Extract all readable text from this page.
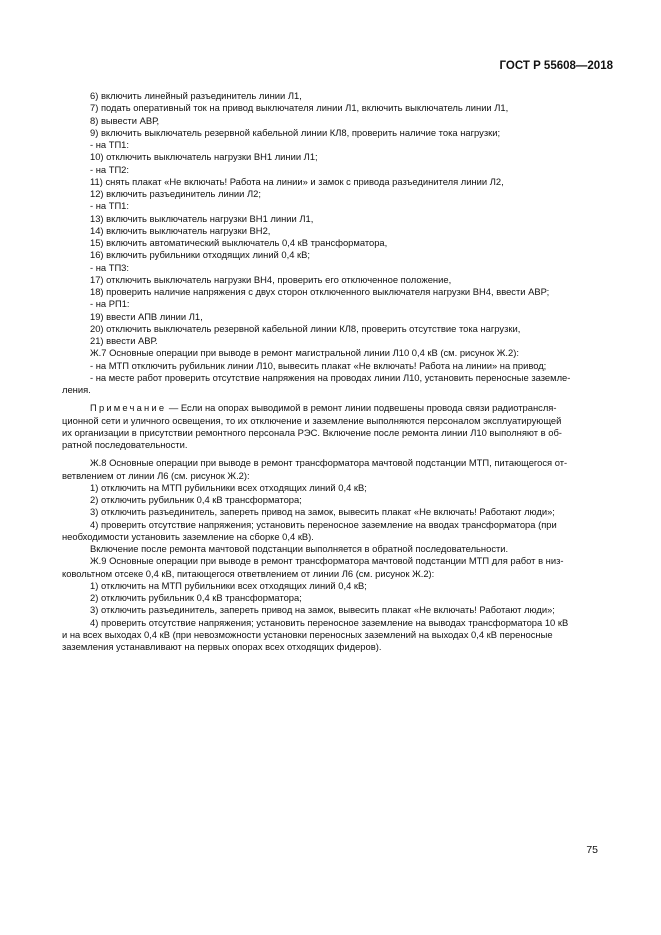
ГОСТ Р 55608—2018
6) включить линейный разъединитель линии Л1,
7) подать оперативный ток на привод выключателя линии Л1, включить выключатель линии Л1,
8) вывести АВР,
9) включить выключатель резервной кабельной линии КЛ8, проверить наличие тока нагрузки;
- на ТП1:
10) отключить выключатель нагрузки ВН1 линии Л1;
- на ТП2:
11) снять плакат «Не включать! Работа на линии» и замок с привода разъединителя линии Л2,
12) включить разъединитель линии Л2;
- на ТП1:
13) включить выключатель нагрузки ВН1 линии Л1,
14) включить выключатель нагрузки ВН2,
15) включить автоматический выключатель 0,4 кВ трансформатора,
16) включить рубильники отходящих линий 0,4 кВ;
- на ТП3:
17) отключить выключатель нагрузки ВН4, проверить его отключенное положение,
18) проверить наличие напряжения с двух сторон отключенного выключателя нагрузки ВН4, ввести АВР;
- на РП1:
19) ввести АПВ линии Л1,
20) отключить выключатель резервной кабельной линии КЛ8, проверить отсутствие тока нагрузки,
21) ввести АВР.
Ж.7 Основные операции при выводе в ремонт магистральной линии Л10 0,4 кВ (см. рисунок Ж.2):
- на МТП отключить рубильник линии Л10, вывесить плакат «Не включать! Работа на линии» на привод;
- на месте работ проверить отсутствие напряжения на проводах линии Л10, установить переносные заземле-
ления.
Примечание — Если на опорах выводимой в ремонт линии подвешены провода связи радиотрансля-
ционной сети и уличного освещения, то их отключение и заземление выполняются персоналом эксплуатирующей
их организации в присутствии ремонтного персонала РЭС. Включение после ремонта линии Л10 выполняют в об-
ратной последовательности.
Ж.8 Основные операции при выводе в ремонт трансформатора мачтовой подстанции МТП, питающегося от-
ветвлением от линии Л6 (см. рисунок Ж.2):
1) отключить на МТП рубильники всех отходящих линий 0,4 кВ;
2) отключить рубильник 0,4 кВ трансформатора;
3) отключить разъединитель, запереть привод на замок, вывесить плакат «Не включать! Работают люди»;
4) проверить отсутствие напряжения; установить переносное заземление на вводах трансформатора (при
необходимости установить заземление на сборке 0,4 кВ).
Включение после ремонта мачтовой подстанции выполняется в обратной последовательности.
Ж.9 Основные операции при выводе в ремонт трансформатора мачтовой подстанции МТП для работ в низ-
ковольтном отсеке 0,4 кВ, питающегося ответвлением от линии Л6 (см. рисунок Ж.2):
1) отключить на МТП рубильники всех отходящих линий 0,4 кВ;
2) отключить рубильник 0,4 кВ трансформатора;
3) отключить разъединитель, запереть привод на замок, вывесить плакат «Не включать! Работают люди»;
4) проверить отсутствие напряжения; установить переносное заземление на выводах трансформатора 10 кВ
и на всех выходах 0,4 кВ (при невозможности установки переносных заземлений на выходах 0,4 кВ переносные
заземления устанавливают на первых опорах всех отходящих фидеров).
75
